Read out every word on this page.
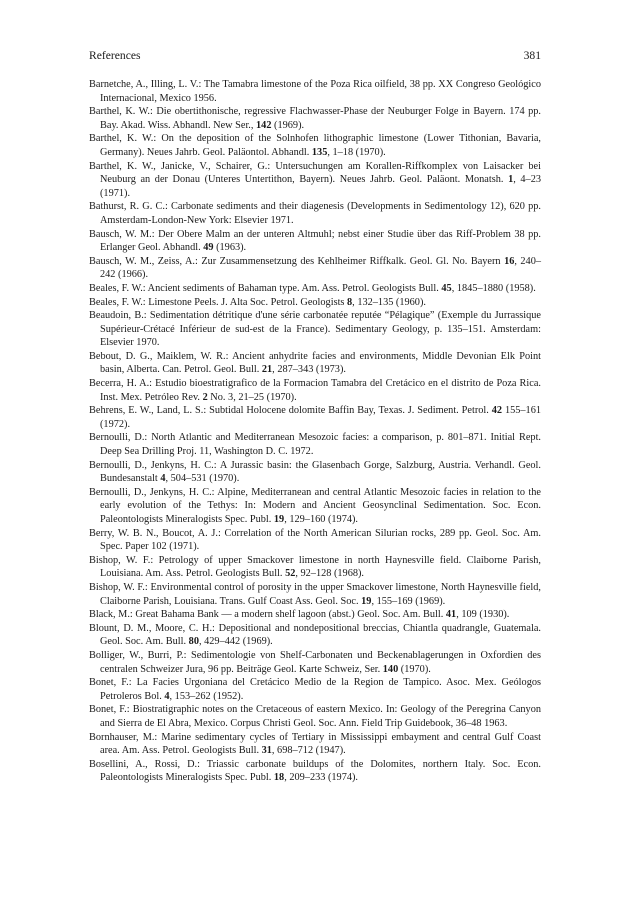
References	381
Barnetche, A., Illing, L. V.: The Tamabra limestone of the Poza Rica oilfield, 38 pp. XX Congreso Geológico Internacional, Mexico 1956.
Barthel, K. W.: Die obertithonische, regressive Flachwasser-Phase der Neuburger Folge in Bayern. 174 pp. Bay. Akad. Wiss. Abhandl. New Ser., 142 (1969).
Barthel, K. W.: On the deposition of the Solnhofen lithographic limestone (Lower Tithonian, Bavaria, Germany). Neues Jahrb. Geol. Paläontol. Abhandl. 135, 1–18 (1970).
Barthel, K. W., Janicke, V., Schairer, G.: Untersuchungen am Korallen-Riffkomplex von Laisacker bei Neuburg an der Donau (Unteres Untertithon, Bayern). Neues Jahrb. Geol. Paläont. Monatsh. 1, 4–23 (1971).
Bathurst, R. G. C.: Carbonate sediments and their diagenesis (Developments in Sedimentology 12), 620 pp. Amsterdam-London-New York: Elsevier 1971.
Bausch, W. M.: Der Obere Malm an der unteren Altmuhl; nebst einer Studie über das Riff-Problem 38 pp. Erlanger Geol. Abhandl. 49 (1963).
Bausch, W. M., Zeiss, A.: Zur Zusammensetzung des Kehlheimer Riffkalk. Geol. Gl. No. Bayern 16, 240–242 (1966).
Beales, F. W.: Ancient sediments of Bahaman type. Am. Ass. Petrol. Geologists Bull. 45, 1845–1880 (1958).
Beales, F. W.: Limestone Peels. J. Alta Soc. Petrol. Geologists 8, 132–135 (1960).
Beaudoin, B.: Sedimentation détritique d'une série carbonatée reputée “Pélagique” (Exemple du Jurrassique Supérieur-Crétacé Inférieur de sud-est de la France). Sedimentary Geology, p. 135–151. Amsterdam: Elsevier 1970.
Bebout, D. G., Maiklem, W. R.: Ancient anhydrite facies and environments, Middle Devonian Elk Point basin, Alberta. Can. Petrol. Geol. Bull. 21, 287–343 (1973).
Becerra, H. A.: Estudio bioestratigrafico de la Formacion Tamabra del Cretácico en el distrito de Poza Rica. Inst. Mex. Petróleo Rev. 2 No. 3, 21–25 (1970).
Behrens, E. W., Land, L. S.: Subtidal Holocene dolomite Baffin Bay, Texas. J. Sediment. Petrol. 42 155–161 (1972).
Bernoulli, D.: North Atlantic and Mediterranean Mesozoic facies: a comparison, p. 801–871. Initial Rept. Deep Sea Drilling Proj. 11, Washington D. C. 1972.
Bernoulli, D., Jenkyns, H. C.: A Jurassic basin: the Glasenbach Gorge, Salzburg, Austria. Verhandl. Geol. Bundesanstalt 4, 504–531 (1970).
Bernoulli, D., Jenkyns, H. C.: Alpine, Mediterranean and central Atlantic Mesozoic facies in relation to the early evolution of the Tethys: In: Modern and Ancient Geosynclinal Sedimentation. Soc. Econ. Paleontologists Mineralogists Spec. Publ. 19, 129–160 (1974).
Berry, W. B. N., Boucot, A. J.: Correlation of the North American Silurian rocks, 289 pp. Geol. Soc. Am. Spec. Paper 102 (1971).
Bishop, W. F.: Petrology of upper Smackover limestone in north Haynesville field. Claiborne Parish, Louisiana. Am. Ass. Petrol. Geologists Bull. 52, 92–128 (1968).
Bishop, W. F.: Environmental control of porosity in the upper Smackover limestone, North Haynesville field, Claiborne Parish, Louisiana. Trans. Gulf Coast Ass. Geol. Soc. 19, 155–169 (1969).
Black, M.: Great Bahama Bank — a modern shelf lagoon (abst.) Geol. Soc. Am. Bull. 41, 109 (1930).
Blount, D. M., Moore, C. H.: Depositional and nondepositional breccias, Chiantla quadrangle, Guatemala. Geol. Soc. Am. Bull. 80, 429–442 (1969).
Bolliger, W., Burri, P.: Sedimentologie von Shelf-Carbonaten und Beckenablagerungen in Oxfordien des centralen Schweizer Jura, 96 pp. Beiträge Geol. Karte Schweiz, Ser. 140 (1970).
Bonet, F.: La Facies Urgoniana del Cretácico Medio de la Region de Tampico. Asoc. Mex. Geólogos Petroleros Bol. 4, 153–262 (1952).
Bonet, F.: Biostratigraphic notes on the Cretaceous of eastern Mexico. In: Geology of the Peregrina Canyon and Sierra de El Abra, Mexico. Corpus Christi Geol. Soc. Ann. Field Trip Guidebook, 36–48 1963.
Bornhauser, M.: Marine sedimentary cycles of Tertiary in Mississippi embayment and central Gulf Coast area. Am. Ass. Petrol. Geologists Bull. 31, 698–712 (1947).
Bosellini, A., Rossi, D.: Triassic carbonate buildups of the Dolomites, northern Italy. Soc. Econ. Paleontologists Mineralogists Spec. Publ. 18, 209–233 (1974).
